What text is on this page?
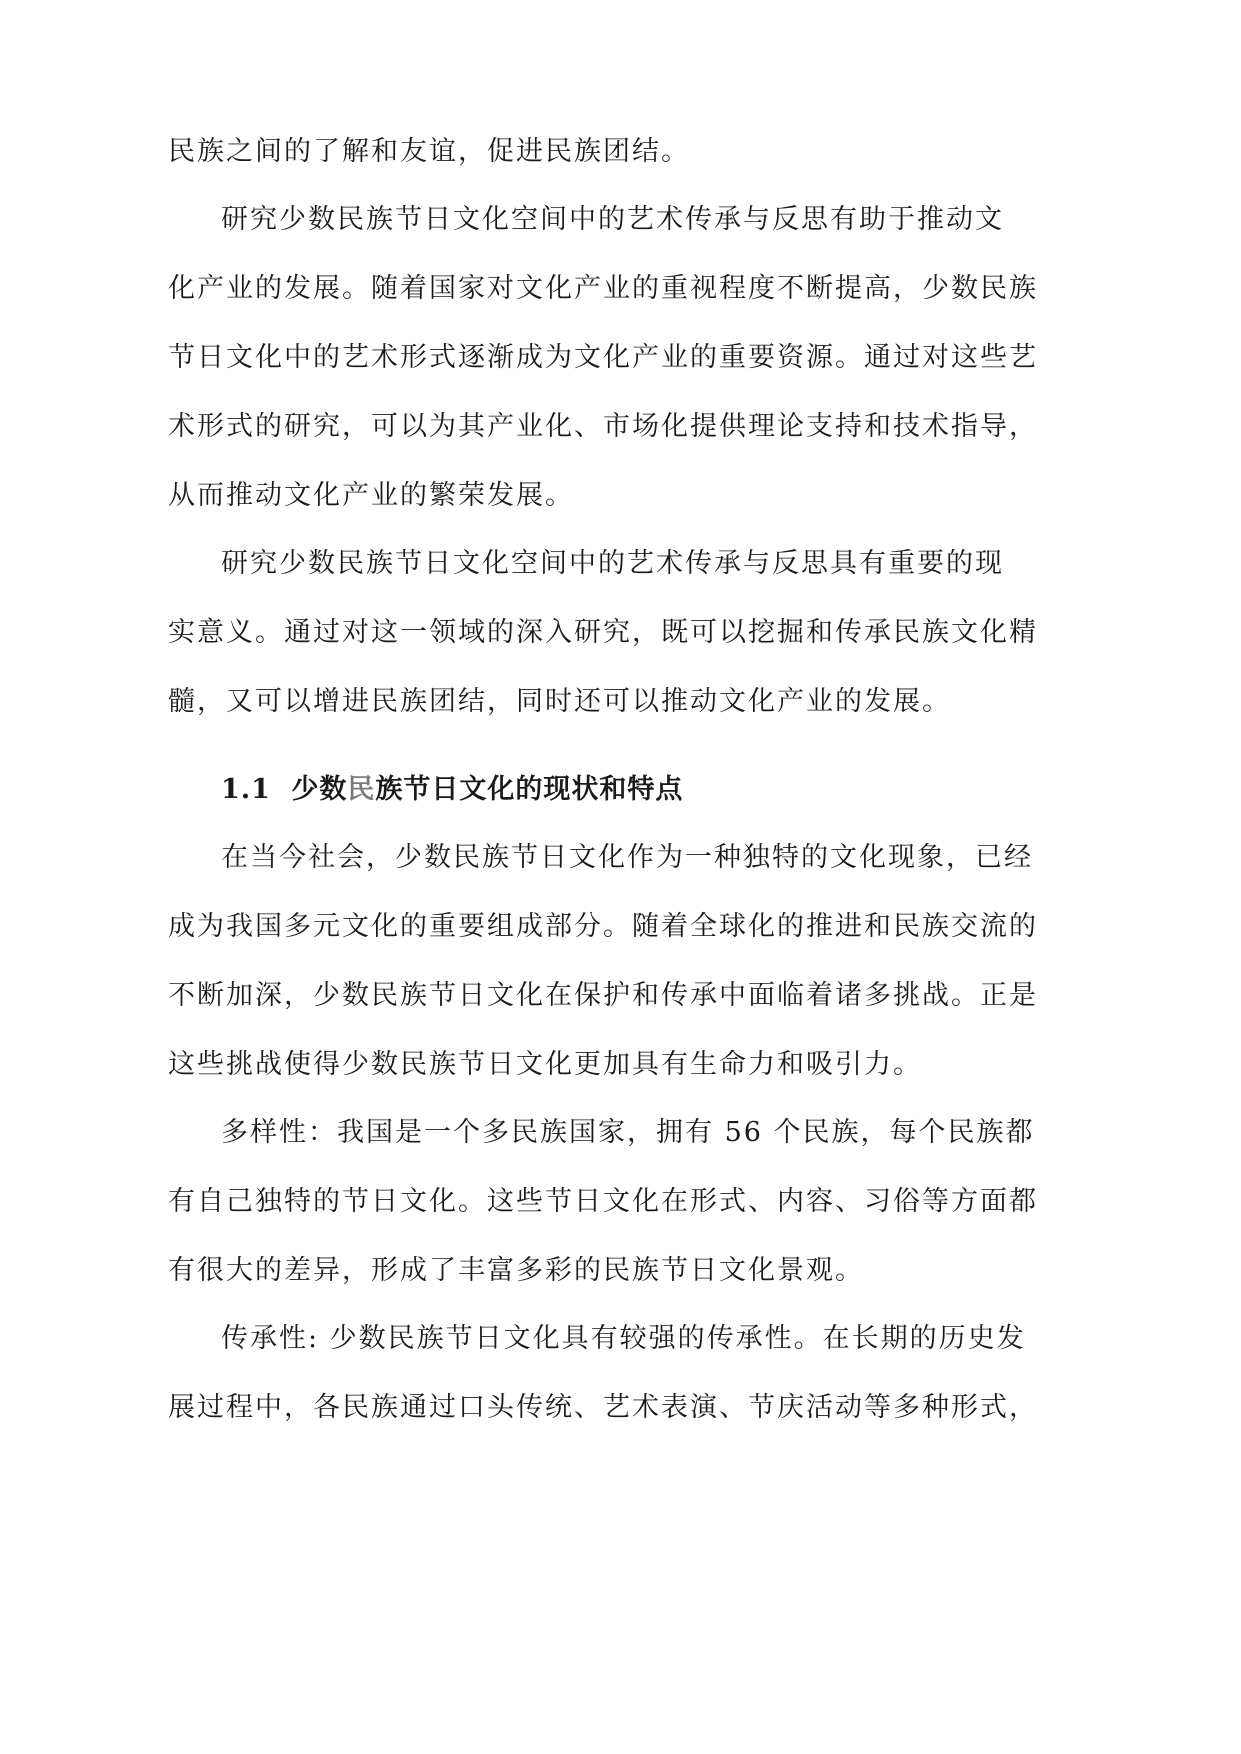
民族之间的了解和友谊，促进民族团结。
研究少数民族节日文化空间中的艺术传承与反思有助于推动文
化产业的发展。随着国家对文化产业的重视程度不断提高，少数民族
节日文化中的艺术形式逐渐成为文化产业的重要资源。通过对这些艺
术形式的研究，可以为其产业化、市场化提供理论支持和技术指导，
从而推动文化产业的繁荣发展。
研究少数民族节日文化空间中的艺术传承与反思具有重要的现
实意义。通过对这一领域的深入研究，既可以挖掘和传承民族文化精
髓，又可以增进民族团结，同时还可以推动文化产业的发展。
1.1 少数民族节日文化的现状和特点
在当今社会，少数民族节日文化作为一种独特的文化现象，已经
成为我国多元文化的重要组成部分。随着全球化的推进和民族交流的
不断加深，少数民族节日文化在保护和传承中面临着诸多挑战。正是
这些挑战使得少数民族节日文化更加具有生命力和吸引力。
多样性：我国是一个多民族国家，拥有 56 个民族，每个民族都
有自己独特的节日文化。这些节日文化在形式、内容、习俗等方面都
有很大的差异，形成了丰富多彩的民族节日文化景观。
传承性: 少数民族节日文化具有较强的传承性。在长期的历史发
展过程中，各民族通过口头传统、艺术表演、节庆活动等多种形式，
